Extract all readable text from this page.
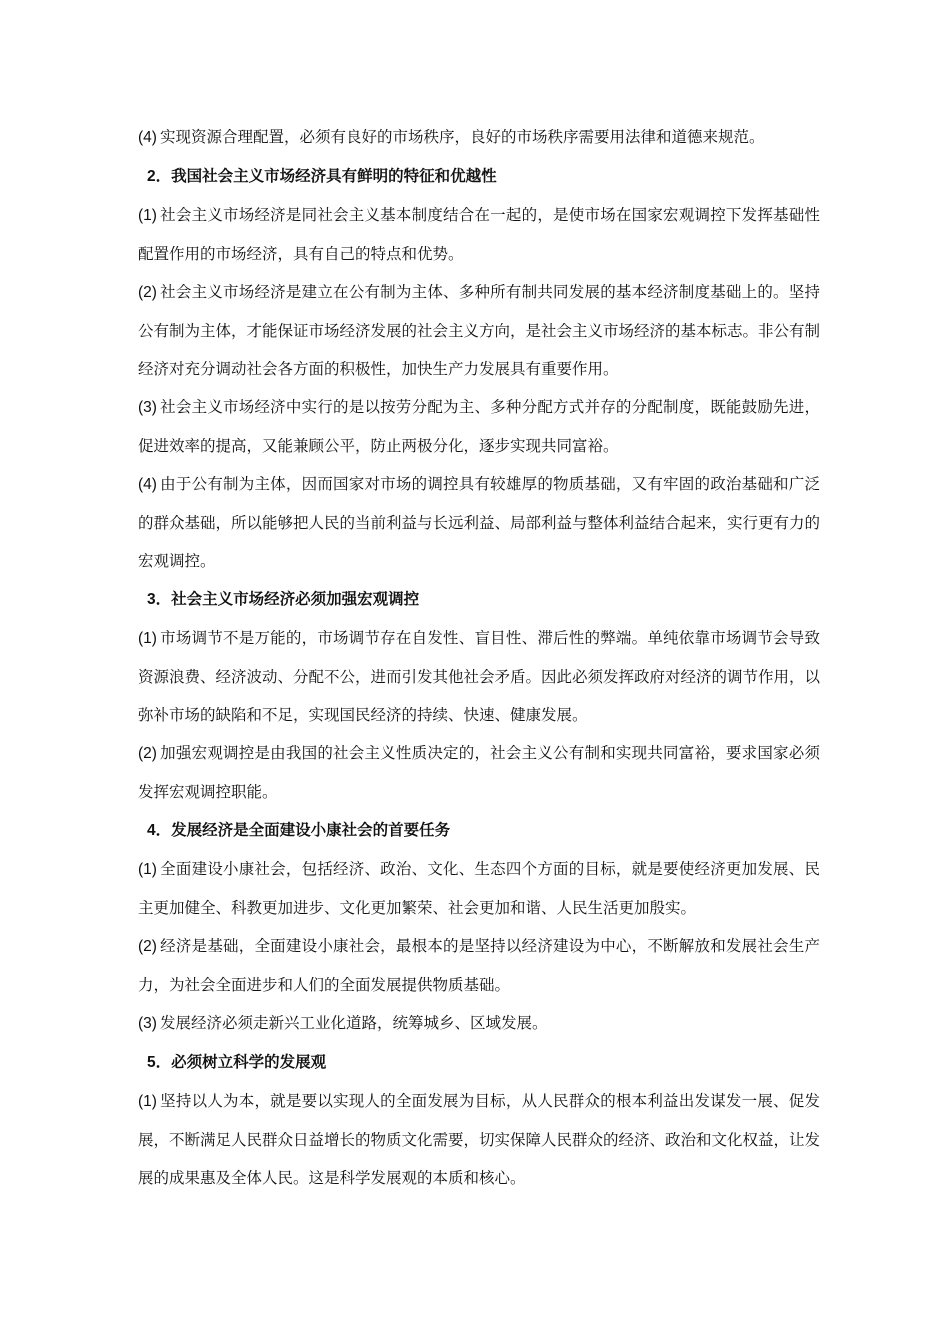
(4) 实现资源合理配置，必须有良好的市场秩序，良好的市场秩序需要用法律和道德来规范。

2．我国社会主义市场经济具有鲜明的特征和优越性

(1) 社会主义市场经济是同社会主义基本制度结合在一起的，是使市场在国家宏观调控下发挥基础性配置作用的市场经济，具有自己的特点和优势。

(2) 社会主义市场经济是建立在公有制为主体、多种所有制共同发展的基本经济制度基础上的。坚持公有制为主体，才能保证市场经济发展的社会主义方向，是社会主义市场经济的基本标志。非公有制经济对充分调动社会各方面的积极性，加快生产力发展具有重要作用。

(3) 社会主义市场经济中实行的是以按劳分配为主、多种分配方式并存的分配制度，既能鼓励先进，促进效率的提高，又能兼顾公平，防止两极分化，逐步实现共同富裕。

(4) 由于公有制为主体，因而国家对市场的调控具有较雄厚的物质基础，又有牢固的政治基础和广泛的群众基础，所以能够把人民的当前利益与长远利益、局部利益与整体利益结合起来，实行更有力的宏观调控。

3．社会主义市场经济必须加强宏观调控

(1) 市场调节不是万能的，市场调节存在自发性、盲目性、滞后性的弊端。单纯依靠市场调节会导致资源浪费、经济波动、分配不公，进而引发其他社会矛盾。因此必须发挥政府对经济的调节作用，以弥补市场的缺陷和不足，实现国民经济的持续、快速、健康发展。

(2) 加强宏观调控是由我国的社会主义性质决定的，社会主义公有制和实现共同富裕，要求国家必须发挥宏观调控职能。

4．发展经济是全面建设小康社会的首要任务

(1) 全面建设小康社会，包括经济、政治、文化、生态四个方面的目标，就是要使经济更加发展、民主更加健全、科教更加进步、文化更加繁荣、社会更加和谐、人民生活更加殷实。

(2) 经济是基础，全面建设小康社会，最根本的是坚持以经济建设为中心，不断解放和发展社会生产力，为社会全面进步和人们的全面发展提供物质基础。

(3) 发展经济必须走新兴工业化道路，统筹城乡、区域发展。

5．必须树立科学的发展观

(1) 坚持以人为本，就是要以实现人的全面发展为目标，从人民群众的根本利益出发谋发一展、促发展，不断满足人民群众日益增长的物质文化需要，切实保障人民群众的经济、政治和文化权益，让发展的成果惠及全体人民。这是科学发展观的本质和核心。
